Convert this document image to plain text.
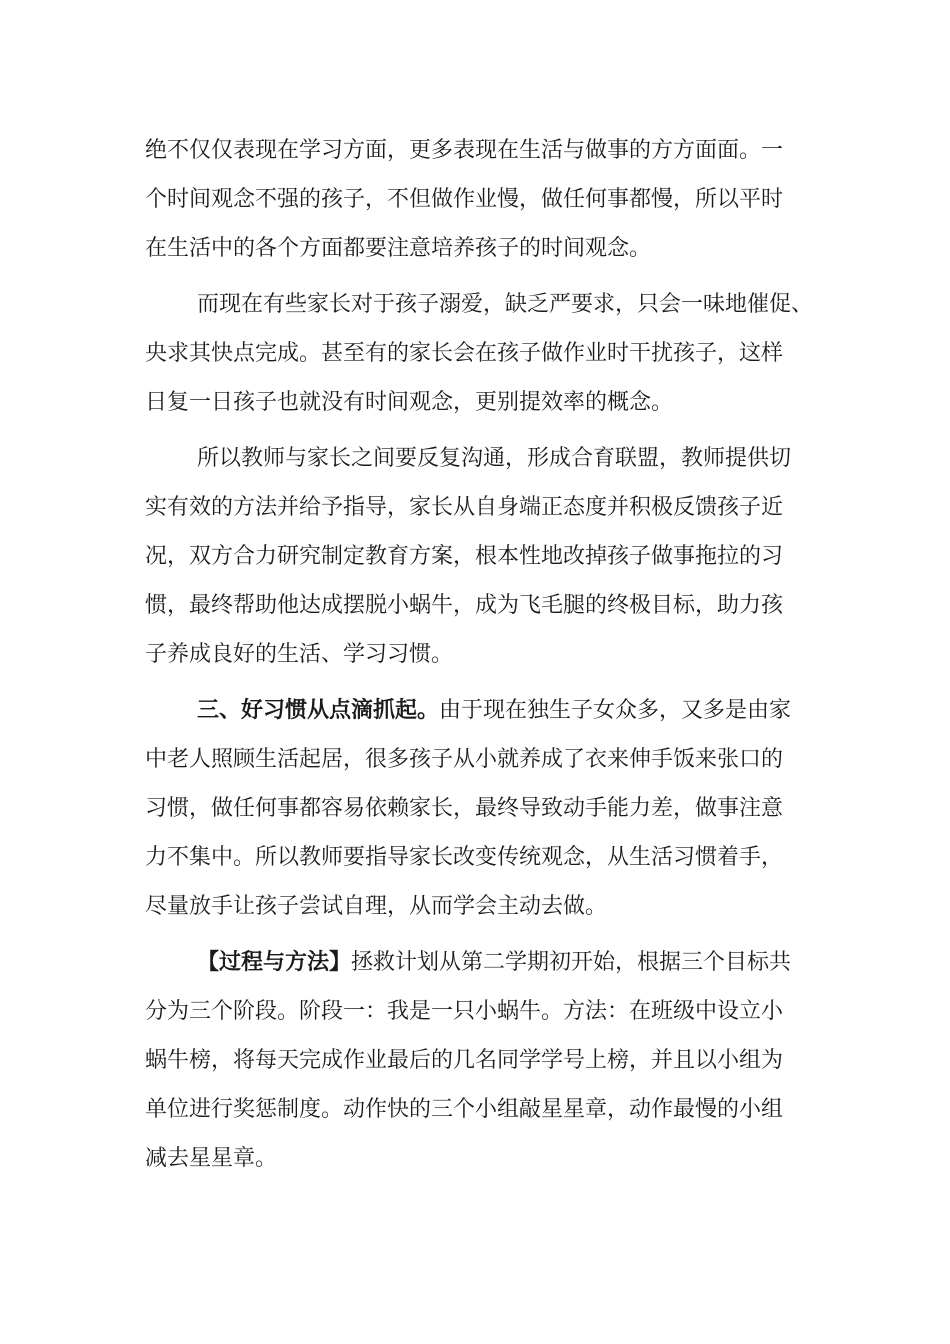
绝不仅仅表现在学习方面，更多表现在生活与做事的方方面面。一
个时间观念不强的孩子，不但做作业慢，做任何事都慢，所以平时
在生活中的各个方面都要注意培养孩子的时间观念。
而现在有些家长对于孩子溺爱，缺乏严要求，只会一味地催促、
央求其快点完成。甚至有的家长会在孩子做作业时干扰孩子，这样
日复一日孩子也就没有时间观念，更别提效率的概念。
所以教师与家长之间要反复沟通，形成合育联盟，教师提供切
实有效的方法并给予指导，家长从自身端正态度并积极反馈孩子近
况，双方合力研究制定教育方案，根本性地改掉孩子做事拖拉的习
惯，最终帮助他达成摆脱小蜗牛，成为飞毛腿的终极目标，助力孩
子养成良好的生活、学习习惯。
三、好习惯从点滴抓起。由于现在独生子女众多，又多是由家
中老人照顾生活起居，很多孩子从小就养成了衣来伸手饭来张口的
习惯，做任何事都容易依赖家长，最终导致动手能力差，做事注意
力不集中。所以教师要指导家长改变传统观念，从生活习惯着手，
尽量放手让孩子尝试自理，从而学会主动去做。
【过程与方法】拯救计划从第二学期初开始，根据三个目标共
分为三个阶段。阶段一：我是一只小蜗牛。方法：在班级中设立小
蜗牛榜，将每天完成作业最后的几名同学学号上榜，并且以小组为
单位进行奖惩制度。动作快的三个小组敲星星章，动作最慢的小组
减去星星章。
